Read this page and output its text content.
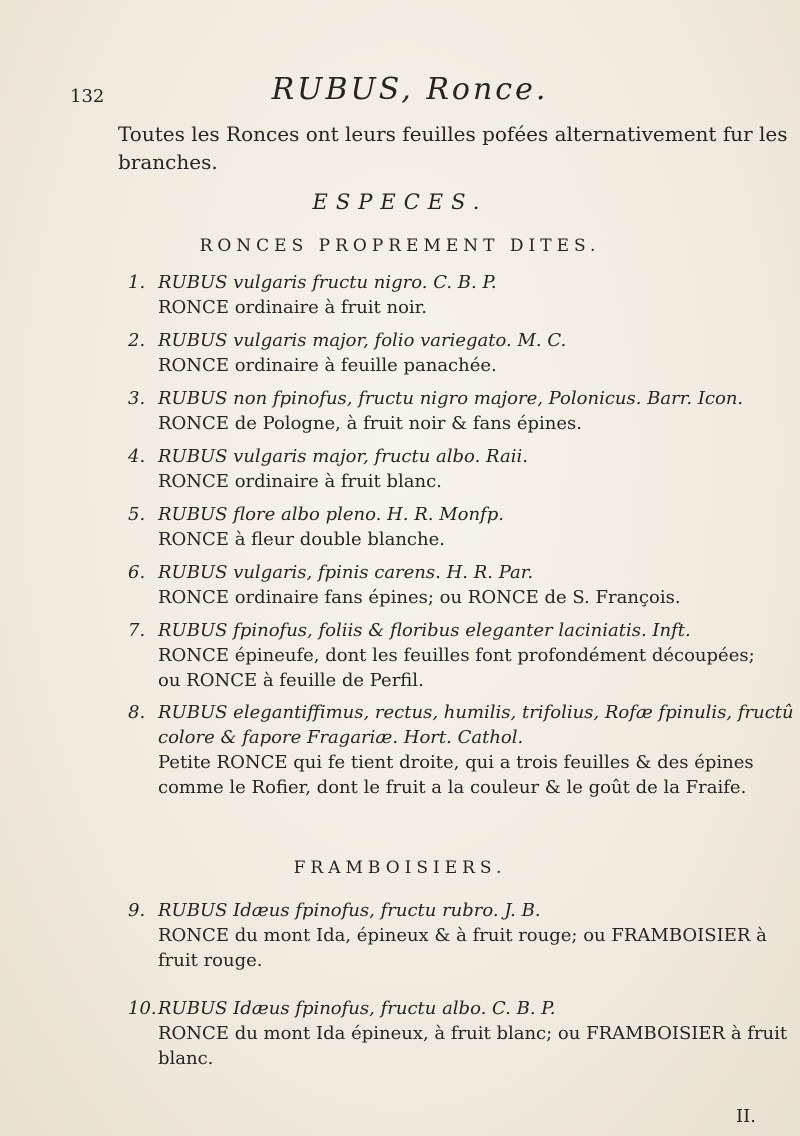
132	RUBUS, Ronce.
Toutes les Ronces ont leurs feuilles pofées alternativement fur les branches.
ESPECES.
RONCES PROPREMENT DITES.
1. RUBUS vulgaris fructu nigro. C. B. P.
RONCE ordinaire à fruit noir.
2. RUBUS vulgaris major, folio variegato. M. C.
RONCE ordinaire à feuille panachée.
3. RUBUS non fpinofus, fructu nigro majore, Polonicus. Barr. Icon.
RONCE de Pologne, à fruit noir & fans épines.
4. RUBUS vulgaris major, fructu albo. Raii.
RONCE ordinaire à fruit blanc.
5. RUBUS flore albo pleno. H. R. Monfp.
RONCE à fleur double blanche.
6. RUBUS vulgaris, fpinis carens. H. R. Par.
RONCE ordinaire fans épines; ou RONCE de S. François.
7. RUBUS fpinofus, foliis & floribus eleganter laciniatis. Inft.
RONCE épineufe, dont les feuilles font profondément découpées;
ou RONCE à feuille de Perfil.
8. RUBUS elegantiffimus, rectus, humilis, trifolius, Rofæ fpinulis, fructû colore & fapore Fragariæ. Hort. Cathol.
Petite RONCE qui fe tient droite, qui a trois feuilles & des épines comme le Rofier, dont le fruit a la couleur & le goût de la Fraife.
FRAMBOISIERS.
9. RUBUS Idæus fpinofus, fructu rubro. J. B.
RONCE du mont Ida, épineux & à fruit rouge; ou FRAMBOISIER à fruit rouge.
10. RUBUS Idæus fpinofus, fructu albo. C. B. P.
RONCE du mont Ida épineux, à fruit blanc; ou FRAMBOISIER à fruit blanc.
II.
